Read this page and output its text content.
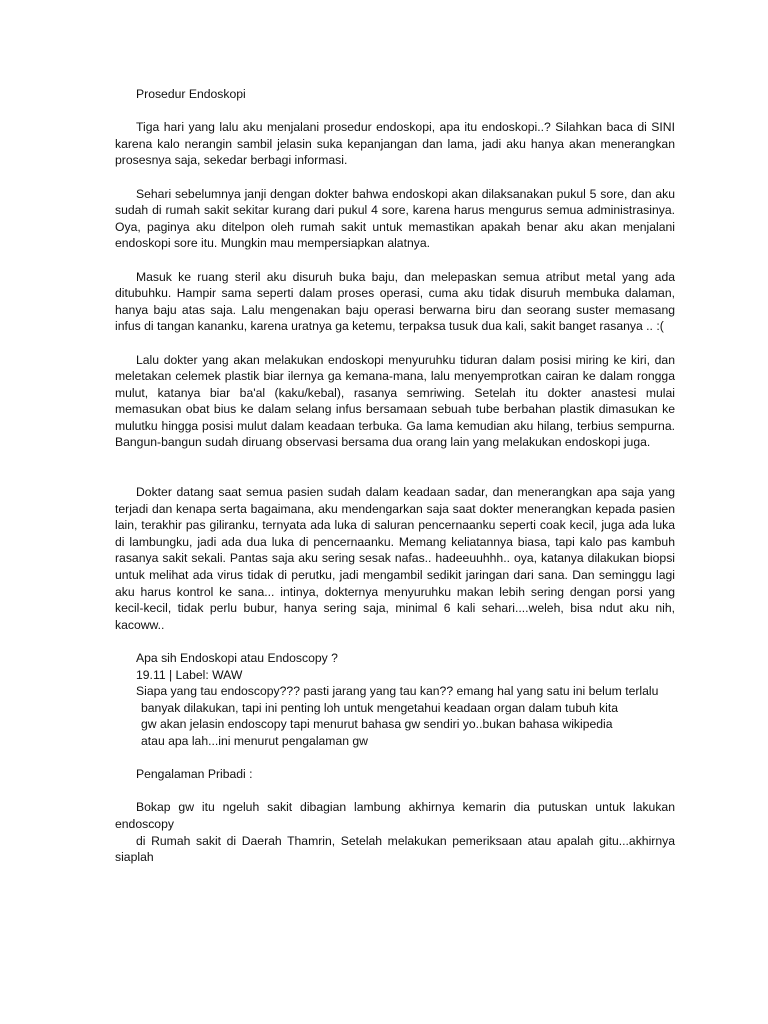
Prosedur Endoskopi

Tiga hari yang lalu aku menjalani prosedur endoskopi, apa itu endoskopi..? Silahkan baca di SINI karena kalo nerangin sambil jelasin suka kepanjangan dan lama, jadi aku hanya akan menerangkan prosesnya saja, sekedar berbagi informasi.

Sehari sebelumnya janji dengan dokter bahwa endoskopi akan dilaksanakan pukul 5 sore, dan aku sudah di rumah sakit sekitar kurang dari pukul 4 sore, karena harus mengurus semua administrasinya. Oya, paginya aku ditelpon oleh rumah sakit untuk memastikan apakah benar aku akan menjalani endoskopi sore itu. Mungkin mau mempersiapkan alatnya.

Masuk ke ruang steril aku disuruh buka baju, dan melepaskan semua atribut metal yang ada ditubuhku. Hampir sama seperti dalam proses operasi, cuma aku tidak disuruh membuka dalaman, hanya baju atas saja. Lalu mengenakan baju operasi berwarna biru dan seorang suster memasang infus di tangan kananku, karena uratnya ga ketemu, terpaksa tusuk dua kali, sakit banget rasanya .. :(

Lalu dokter yang akan melakukan endoskopi menyuruhku tiduran dalam posisi miring ke kiri, dan meletakan celemek plastik biar ilernya ga kemana-mana, lalu menyemprotkan cairan ke dalam rongga mulut, katanya biar ba'al (kaku/kebal), rasanya semriwing. Setelah itu dokter anastesi mulai memasukan obat bius ke dalam selang infus bersamaan sebuah tube berbahan plastik dimasukan ke mulutku hingga posisi mulut dalam keadaan terbuka. Ga lama kemudian aku hilang, terbius sempurna. Bangun-bangun sudah diruang observasi bersama dua orang lain yang melakukan endoskopi juga.

Dokter datang saat semua pasien sudah dalam keadaan sadar, dan menerangkan apa saja yang terjadi dan kenapa serta bagaimana, aku mendengarkan saja saat dokter menerangkan kepada pasien lain, terakhir pas giliranku, ternyata ada luka di saluran pencernaanku seperti coak kecil, juga ada luka di lambungku, jadi ada dua luka di pencernaanku. Memang keliatannya biasa, tapi kalo pas kambuh rasanya sakit sekali. Pantas saja aku sering sesak nafas.. hadeeuuhhh.. oya, katanya dilakukan biopsi untuk melihat ada virus tidak di perutku, jadi mengambil sedikit jaringan dari sana. Dan seminggu lagi aku harus kontrol ke sana... intinya, dokternya menyuruhku makan lebih sering dengan porsi yang kecil-kecil, tidak perlu bubur, hanya sering saja, minimal 6 kali sehari....weleh, bisa ndut aku nih, kacoww..

Apa sih Endoskopi atau Endoscopy ?

19.11 | Label: WAW

Siapa yang tau endoscopy??? pasti jarang yang tau kan?? emang hal yang satu ini belum terlalu

banyak dilakukan, tapi ini penting loh untuk mengetahui keadaan organ dalam tubuh kita

gw akan jelasin endoscopy tapi menurut bahasa gw sendiri yo..bukan bahasa wikipedia

atau apa lah...ini menurut pengalaman gw

Pengalaman Pribadi :

Bokap gw itu ngeluh sakit dibagian lambung akhirnya kemarin dia putuskan untuk lakukan endoscopy

di Rumah sakit di Daerah Thamrin, Setelah melakukan pemeriksaan atau apalah gitu...akhirnya siaplah
